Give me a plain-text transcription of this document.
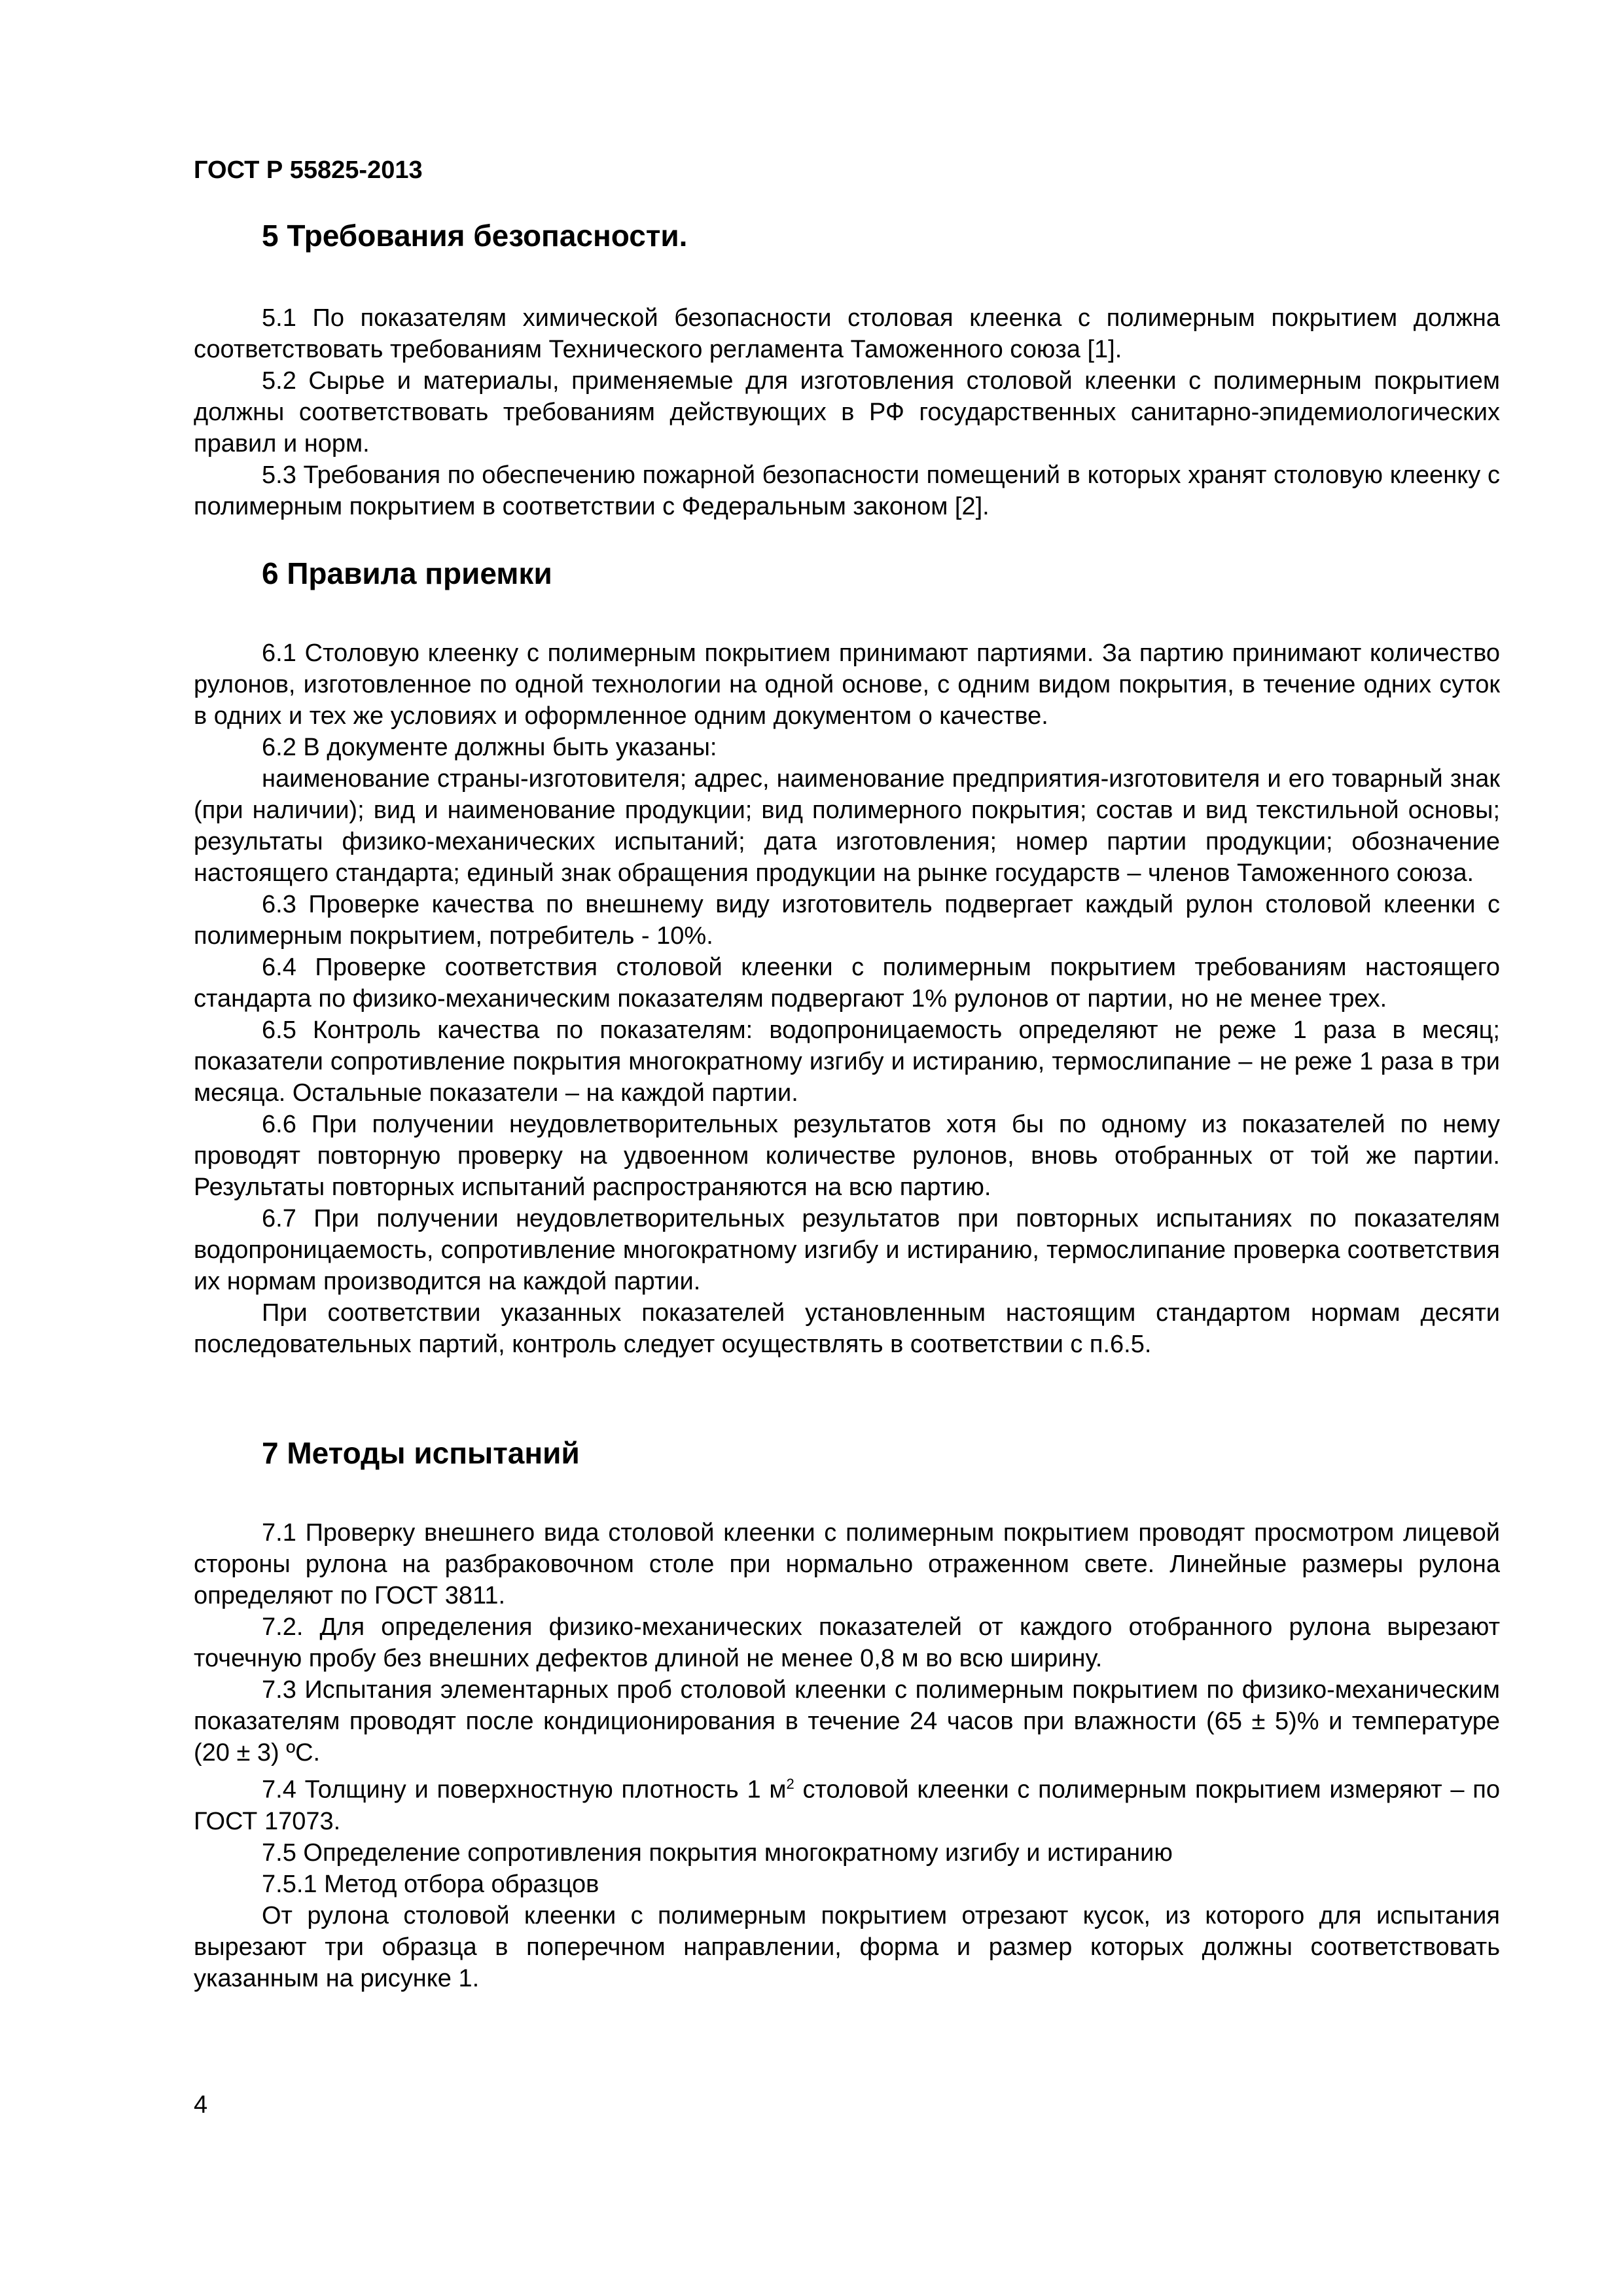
ГОСТ Р 55825-2013
5 Требования безопасности.

5.1 По показателям химической безопасности столовая клеенка с полимерным покрытием должна соответствовать требованиям Технического регламента Таможенного союза [1].

5.2 Сырье и материалы, применяемые для изготовления столовой клеенки с полимерным покрытием должны соответствовать требованиям действующих в РФ государственных санитарно-эпидемиологических правил и норм.

5.3 Требования по обеспечению пожарной безопасности помещений в которых хранят столовую клеенку с полимерным покрытием в соответствии с Федеральным законом [2].

6 Правила приемки

6.1 Столовую клеенку с полимерным покрытием принимают партиями. За партию принимают количество рулонов, изготовленное по одной технологии на одной основе, с одним видом покрытия, в течение одних суток в одних и тех же условиях и оформленное одним документом о качестве.

6.2 В документе должны быть указаны:

наименование страны-изготовителя; адрес, наименование предприятия-изготовителя и его товарный знак (при наличии); вид и наименование продукции; вид полимерного покрытия; состав и вид текстильной основы; результаты физико-механических испытаний; дата изготовления; номер партии продукции; обозначение настоящего стандарта; единый знак обращения продукции на рынке государств – членов Таможенного союза.

6.3 Проверке качества по внешнему виду изготовитель подвергает каждый рулон столовой клеенки с полимерным покрытием, потребитель - 10%.

6.4 Проверке соответствия столовой клеенки с полимерным покрытием требованиям настоящего стандарта по физико-механическим показателям подвергают 1% рулонов от партии, но не менее трех.

6.5 Контроль качества по показателям: водопроницаемость определяют не реже 1 раза в месяц; показатели сопротивление покрытия многократному изгибу и истиранию, термослипание – не реже 1 раза в три месяца. Остальные показатели – на каждой партии.

6.6 При получении неудовлетворительных результатов хотя бы по одному из показателей по нему проводят повторную проверку на удвоенном количестве рулонов, вновь отобранных от той же партии. Результаты повторных испытаний распространяются на всю партию.

6.7 При получении неудовлетворительных результатов при повторных испытаниях по показателям водопроницаемость, сопротивление многократному изгибу и истиранию, термослипание проверка соответствия их нормам производится на каждой партии.

При соответствии указанных показателей установленным настоящим стандартом нормам десяти последовательных партий, контроль следует осуществлять в соответствии с п.6.5.

7 Методы испытаний

7.1 Проверку внешнего вида столовой клеенки с полимерным покрытием проводят просмотром лицевой стороны рулона на разбраковочном столе при нормально отраженном свете. Линейные размеры рулона определяют по ГОСТ 3811.

7.2. Для определения физико-механических показателей от каждого отобранного рулона вырезают точечную пробу без внешних дефектов длиной не менее 0,8 м во всю ширину.

7.3 Испытания элементарных проб столовой клеенки с полимерным покрытием по физико-механическим показателям проводят после кондиционирования в течение 24 часов при влажности (65 ± 5)% и температуре (20 ± 3) ºС.

7.4 Толщину и поверхностную плотность 1 $м^2$ столовой клеенки с полимерным покрытием измеряют – по ГОСТ 17073.

7.5 Определение сопротивления покрытия многократному изгибу и истиранию

7.5.1 Метод отбора образцов

От рулона столовой клеенки с полимерным покрытием отрезают кусок, из которого для испытания вырезают три образца в поперечном направлении, форма и размер которых должны соответствовать указанным на рисунке 1.

4
